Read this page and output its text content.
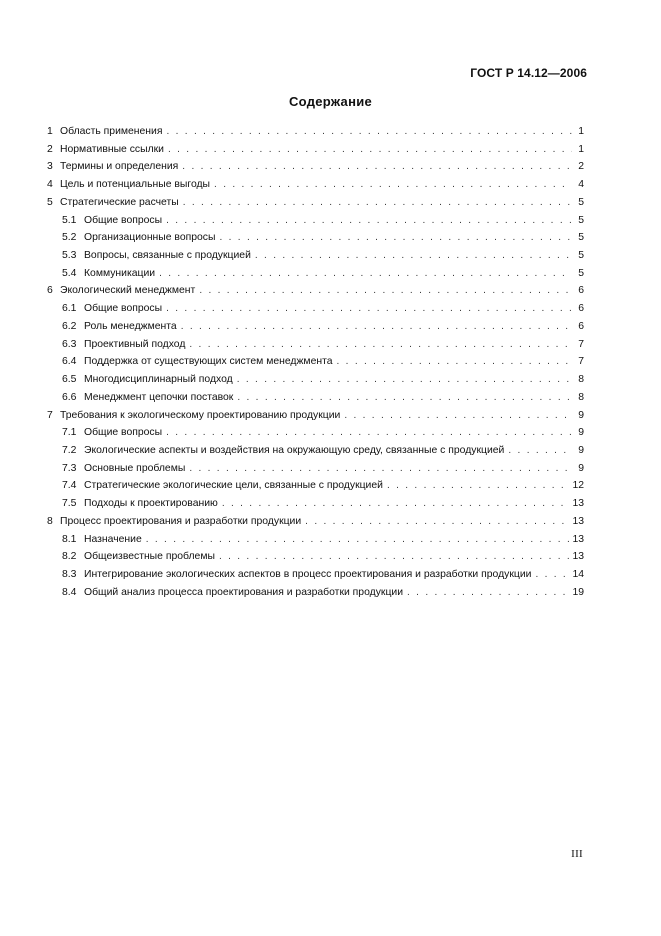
ГОСТ Р 14.12—2006
Содержание
1 Область применения . . .	1
2 Нормативные ссылки . . .	1
3 Термины и определения . . .	2
4 Цель и потенциальные выгоды . . .	4
5 Стратегические расчеты . . .	5
5.1 Общие вопросы . . .	5
5.2 Организационные вопросы . . .	5
5.3 Вопросы, связанные с продукцией . . .	5
5.4 Коммуникации . . .	5
6 Экологический менеджмент . . .	6
6.1 Общие вопросы . . .	6
6.2 Роль менеджмента . . .	6
6.3 Проективный подход . . .	7
6.4 Поддержка от существующих систем менеджмента . . .	7
6.5 Многодисциплинарный подход . . .	8
6.6 Менеджмент цепочки поставок . . .	8
7 Требования к экологическому проектированию продукции . . .	9
7.1 Общие вопросы . . .	9
7.2 Экологические аспекты и воздействия на окружающую среду, связанные с продукцией . . .	9
7.3 Основные проблемы . . .	9
7.4 Стратегические экологические цели, связанные с продукцией . . .	12
7.5 Подходы к проектированию . . .	13
8 Процесс проектирования и разработки продукции . . .	13
8.1 Назначение . . .	13
8.2 Общеизвестные проблемы . . .	13
8.3 Интегрирование экологических аспектов в процесс проектирования и разработки продукции . . .	14
8.4 Общий анализ процесса проектирования и разработки продукции . . .	19
III
